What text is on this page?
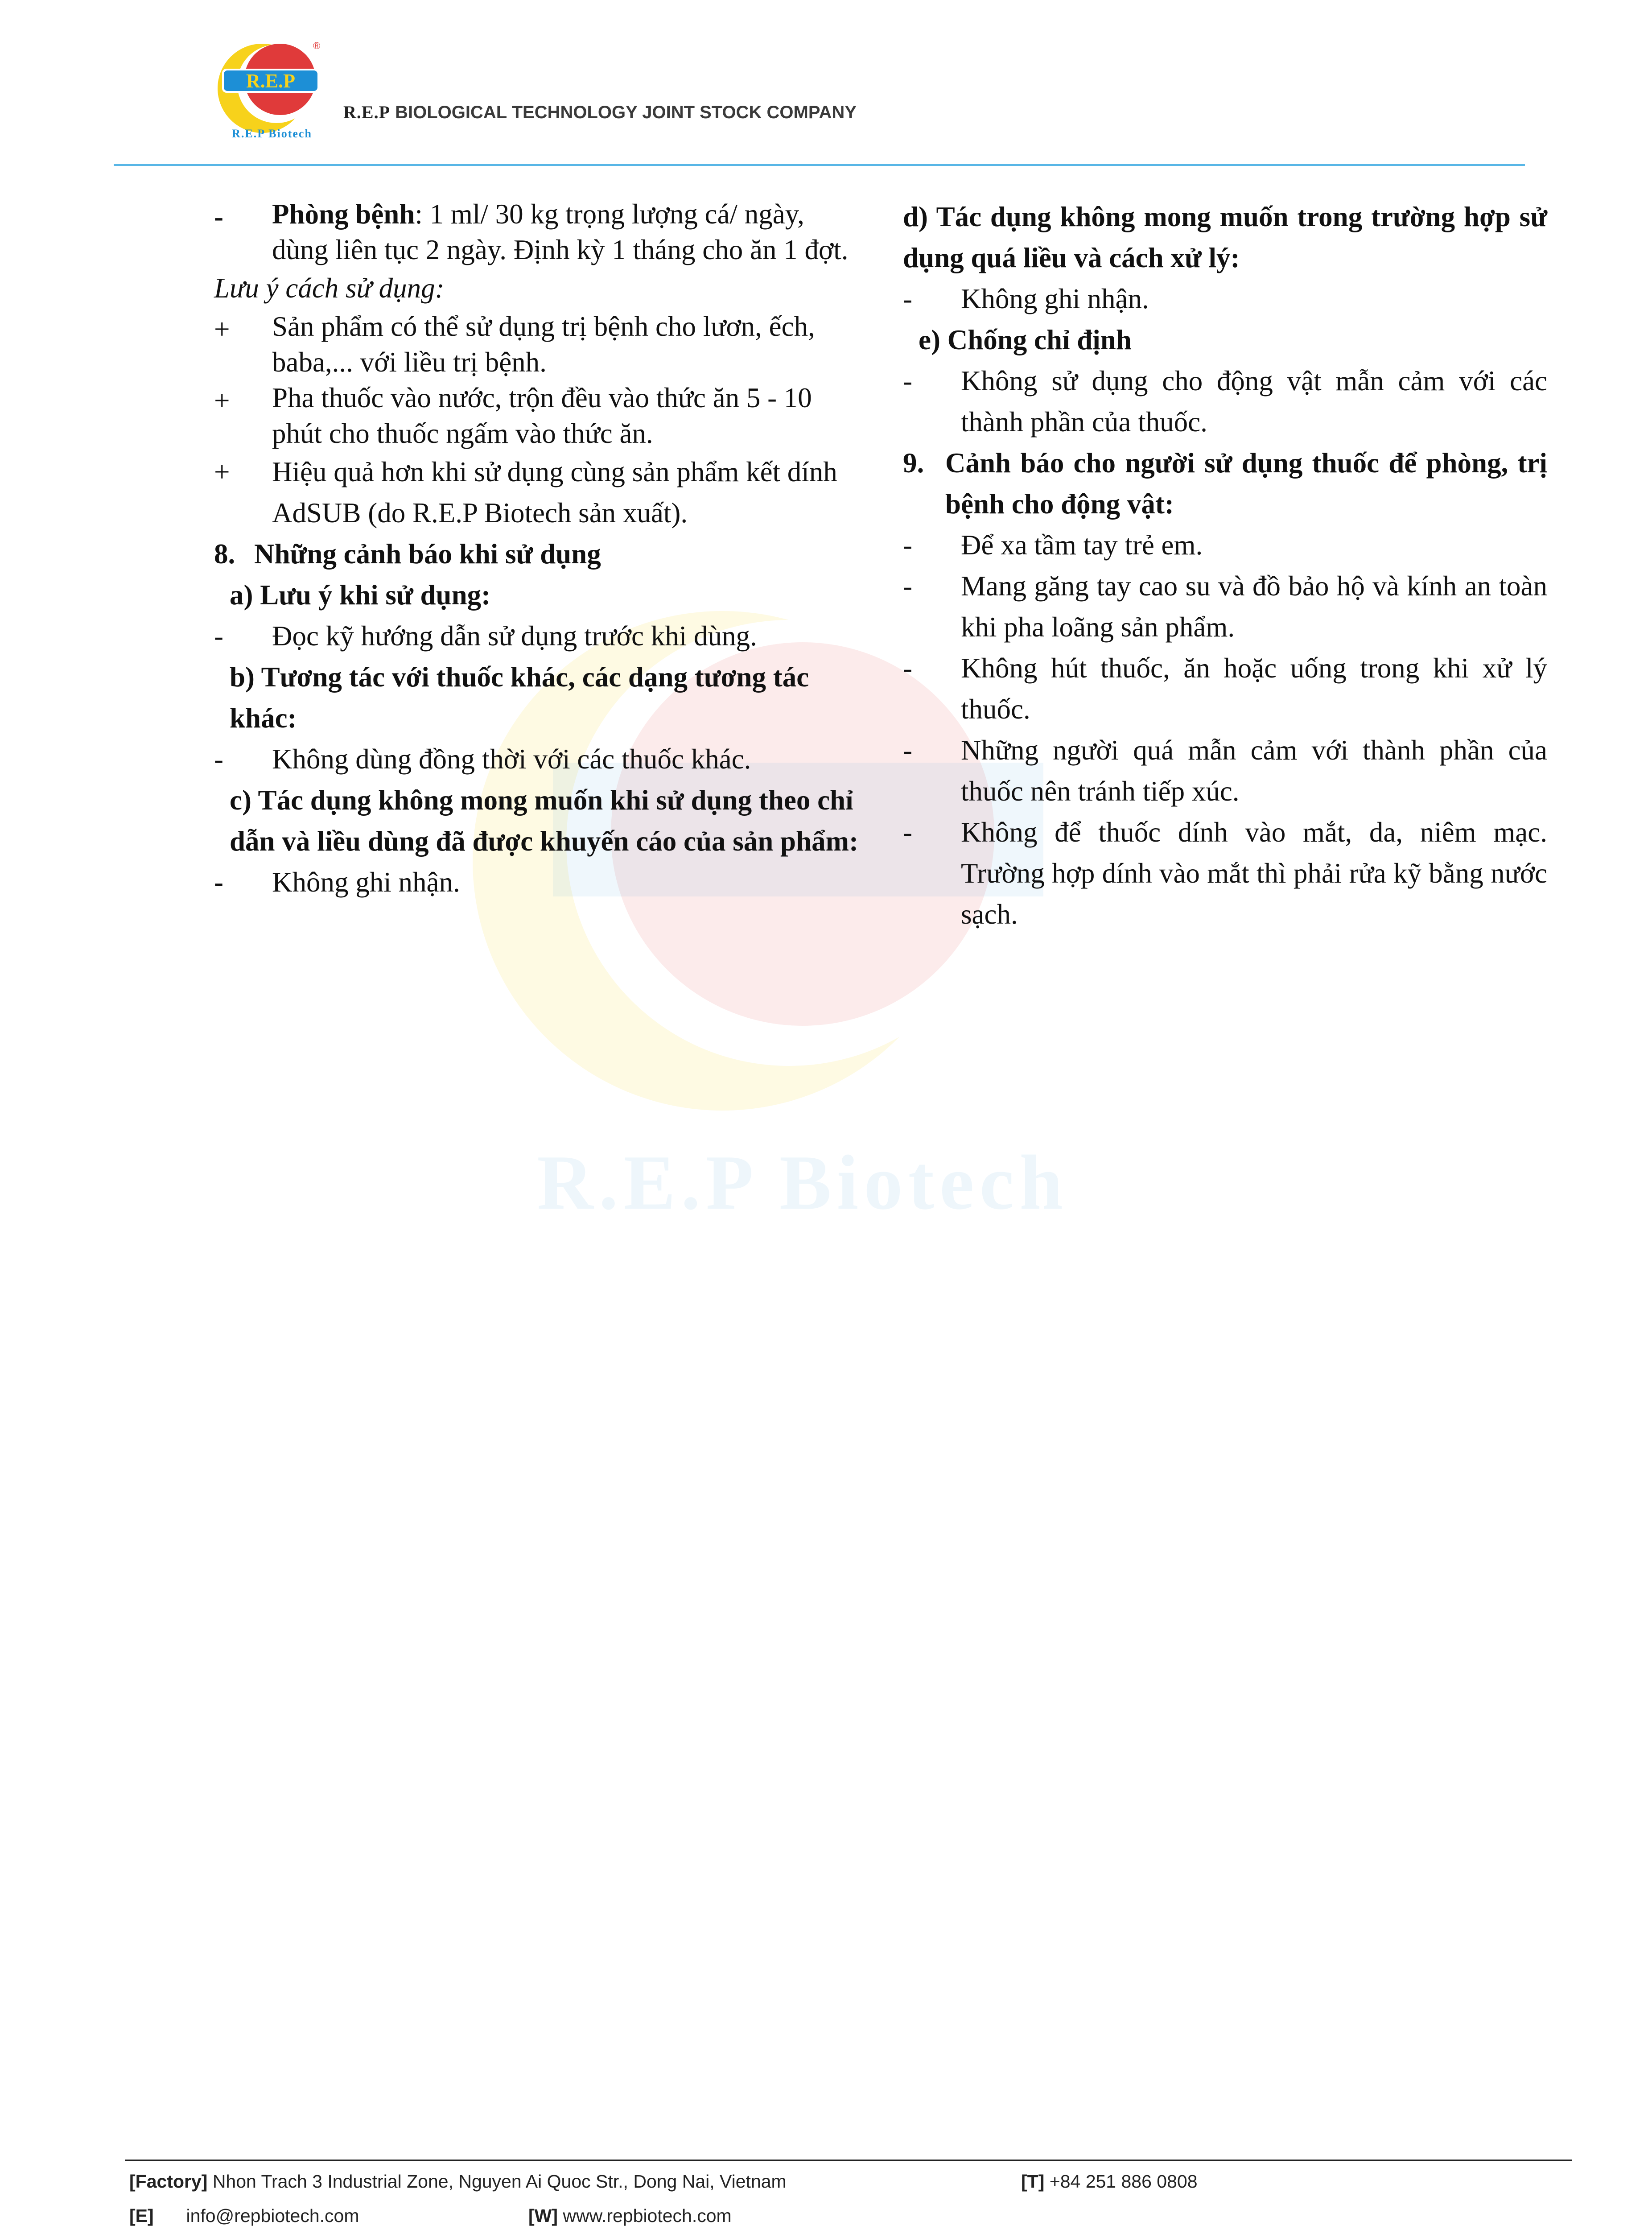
R.E.P
R.E.P Biotech
®
R.E.P BIOLOGICAL TECHNOLOGY JOINT STOCK COMPANY
R.E.P Biotech
-	Phòng bệnh: 1 ml/ 30 kg trọng lượng cá/ ngày, dùng liên tục 2 ngày. Định kỳ 1 tháng cho ăn 1 đợt.
Lưu ý cách sử dụng:
+	Sản phẩm có thể sử dụng trị bệnh cho lươn, ếch, baba,... với liều trị bệnh.
+	Pha thuốc vào nước, trộn đều vào thức ăn 5 - 10 phút cho thuốc ngấm vào thức ăn.
+	Hiệu quả hơn khi sử dụng cùng sản phẩm kết dính AdSUB (do R.E.P Biotech sản xuất).
8. Những cảnh báo khi sử dụng
a) Lưu ý khi sử dụng:
-	Đọc kỹ hướng dẫn sử dụng trước khi dùng.
b) Tương tác với thuốc khác, các dạng tương tác khác:
-	Không dùng đồng thời với các thuốc khác.
c) Tác dụng không mong muốn khi sử dụng theo chỉ dẫn và liều dùng đã được khuyến cáo của sản phẩm:
-	Không ghi nhận.
d) Tác dụng không mong muốn trong trường hợp sử dụng quá liều và cách xử lý:
-	Không ghi nhận.
e) Chống chỉ định
-	Không sử dụng cho động vật mẫn cảm với các thành phần của thuốc.
9. Cảnh báo cho người sử dụng thuốc để phòng, trị bệnh cho động vật:
-	Để xa tầm tay trẻ em.
-	Mang găng tay cao su và đồ bảo hộ và kính an toàn khi pha loãng sản phẩm.
-	Không hút thuốc, ăn hoặc uống trong khi xử lý thuốc.
-	Những người quá mẫn cảm với thành phần của thuốc nên tránh tiếp xúc.
-	Không để thuốc dính vào mắt, da, niêm mạc. Trường hợp dính vào mắt thì phải rửa kỹ bằng nước sạch.
[Factory] Nhon Trach 3 Industrial Zone, Nguyen Ai Quoc Str., Dong Nai, Vietnam	[T] +84 251 886 0808
[E] info@repbiotech.com	[W] www.repbiotech.com
